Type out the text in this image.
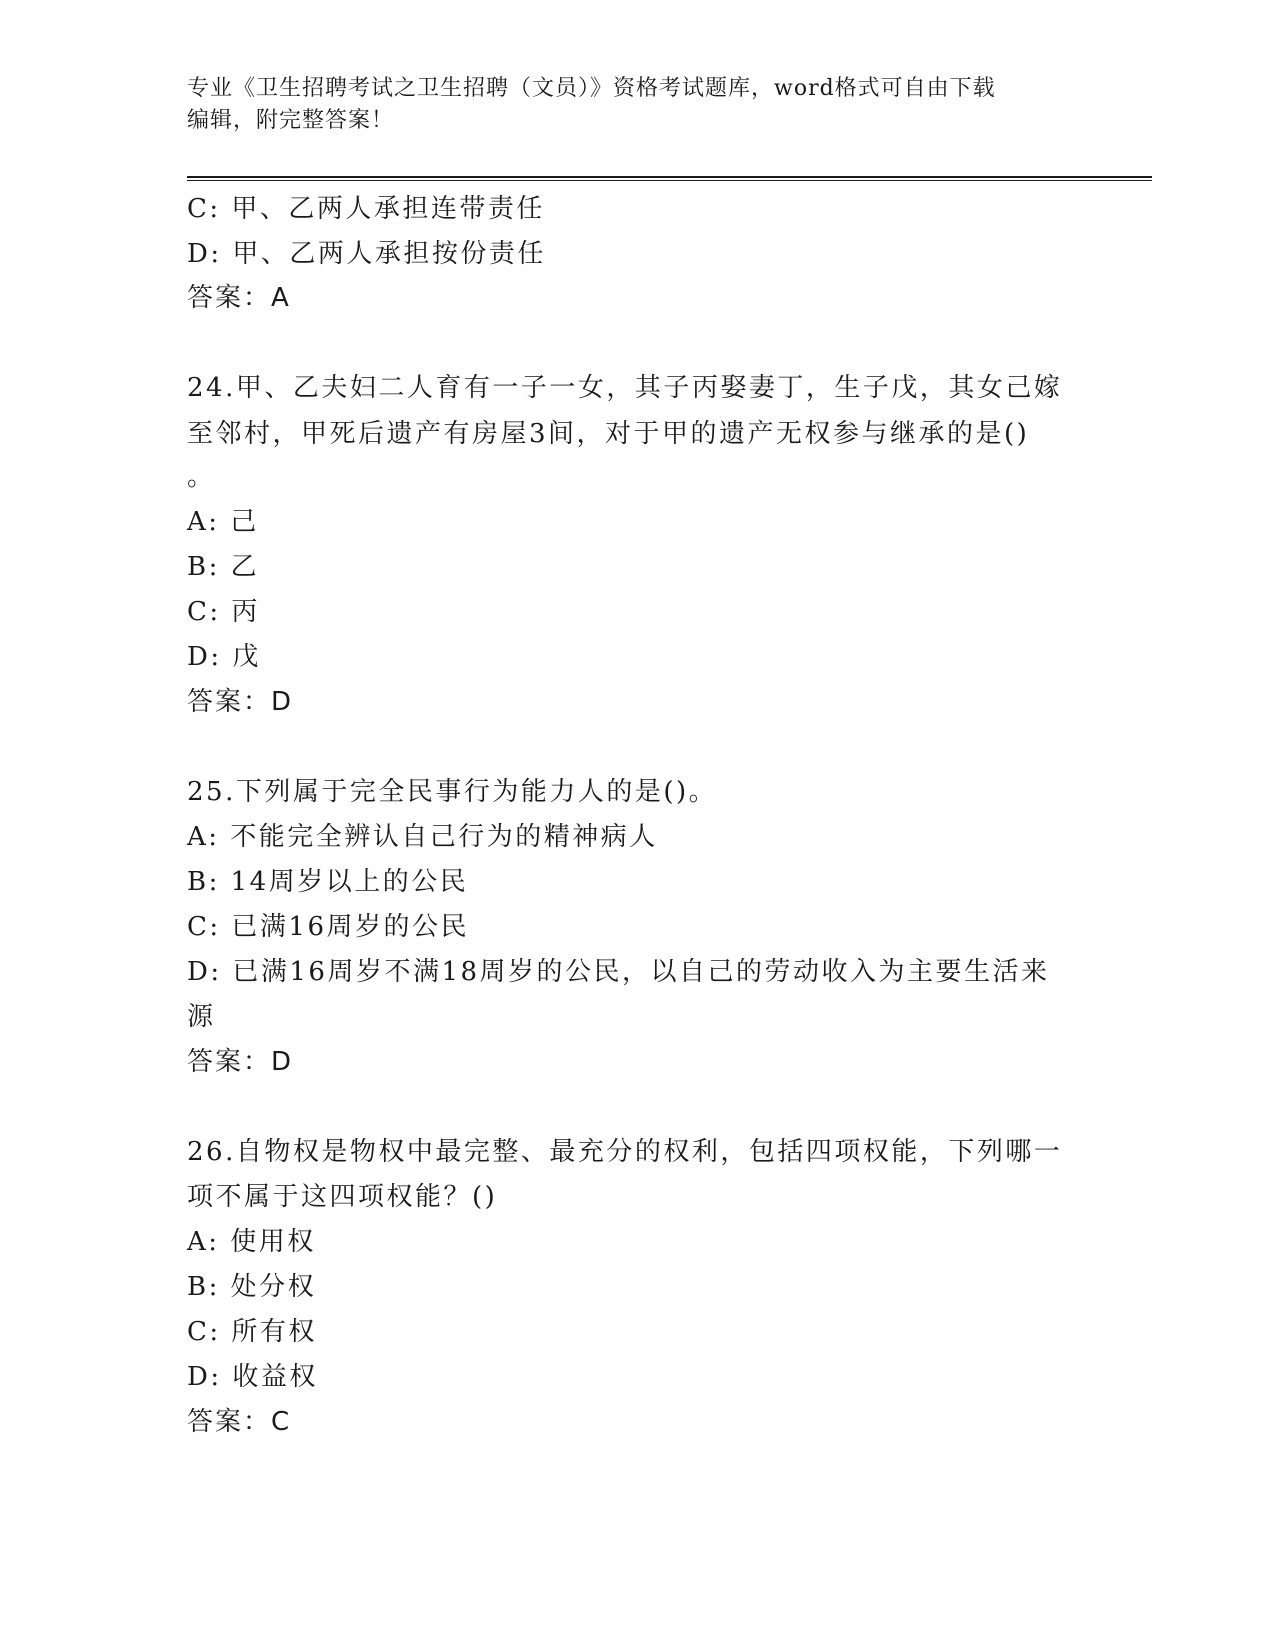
专业《卫生招聘考试之卫生招聘（文员）》资格考试题库，word格式可自由下载
编辑，附完整答案！
C: 甲、乙两人承担连带责任
D: 甲、乙两人承担按份责任
答案：A
24.甲、乙夫妇二人育有一子一女，其子丙娶妻丁，生子戊，其女己嫁
至邻村，甲死后遗产有房屋3间，对于甲的遗产无权参与继承的是()
。
A: 己
B: 乙
C: 丙
D: 戊
答案：D
25.下列属于完全民事行为能力人的是()。
A: 不能完全辨认自己行为的精神病人
B: 14周岁以上的公民
C: 已满16周岁的公民
D: 已满16周岁不满18周岁的公民，以自己的劳动收入为主要生活来
源
答案：D
26.自物权是物权中最完整、最充分的权利，包括四项权能，下列哪一
项不属于这四项权能？()
A: 使用权
B: 处分权
C: 所有权
D: 收益权
答案：C
